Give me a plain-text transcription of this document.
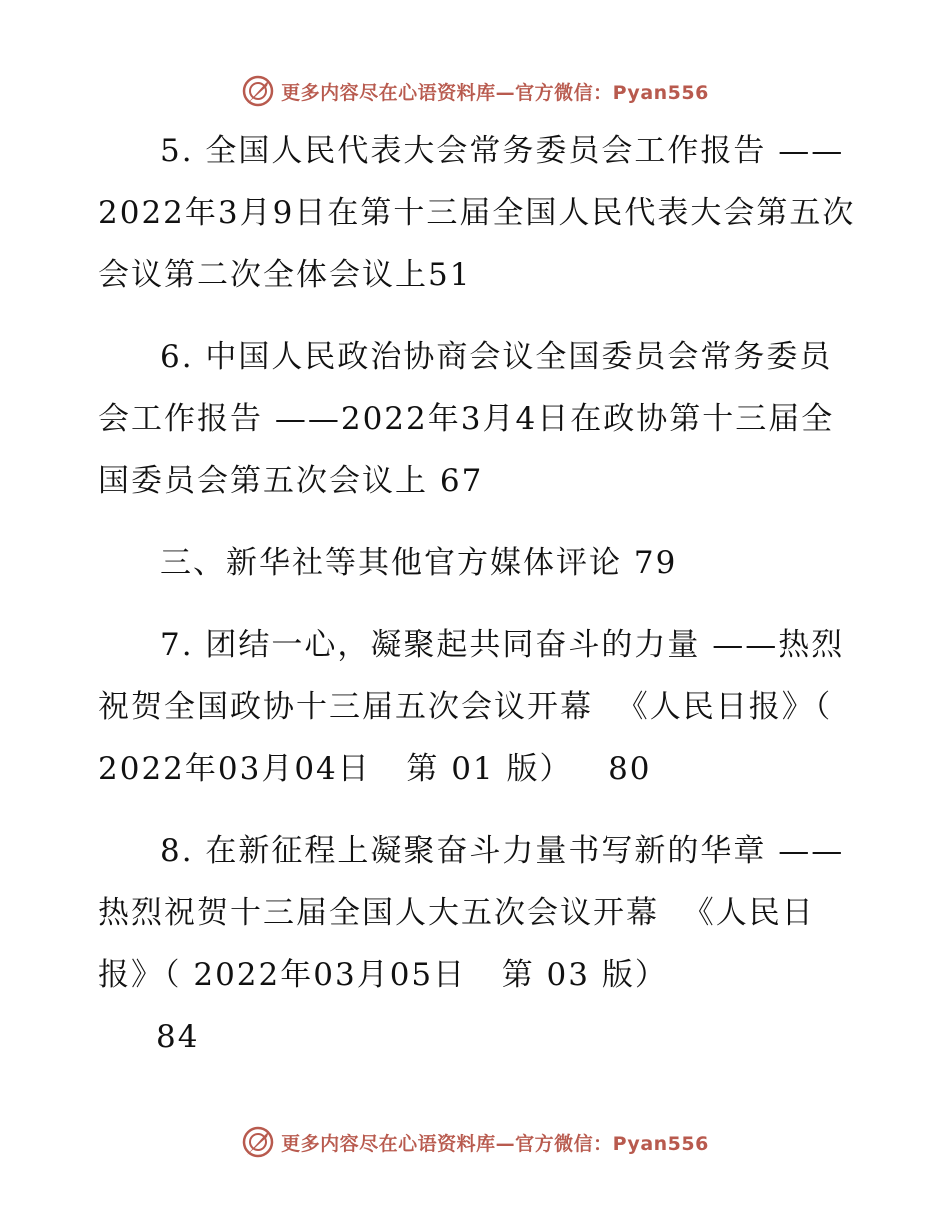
更多内容尽在心语资料库—官方微信：Pyan556

5. 全国人民代表大会常务委员会工作报告 ——2022年3月9日在第十三届全国人民代表大会第五次会议第二次全体会议上51

6. 中国人民政治协商会议全国委员会常务委员会工作报告 ——2022年3月4日在政协第十三届全国委员会第五次会议上 67

三、新华社等其他官方媒体评论 79

7. 团结一心，凝聚起共同奋斗的力量 ——热烈祝贺全国政协十三届五次会议开幕  《人民日报》（ 2022年03月04日   第 01 版）   80

8. 在新征程上凝聚奋斗力量书写新的华章 ——热烈祝贺十三届全国人大五次会议开幕  《人民日报》（ 2022年03月05日   第 03 版）

84

更多内容尽在心语资料库—官方微信：Pyan556
